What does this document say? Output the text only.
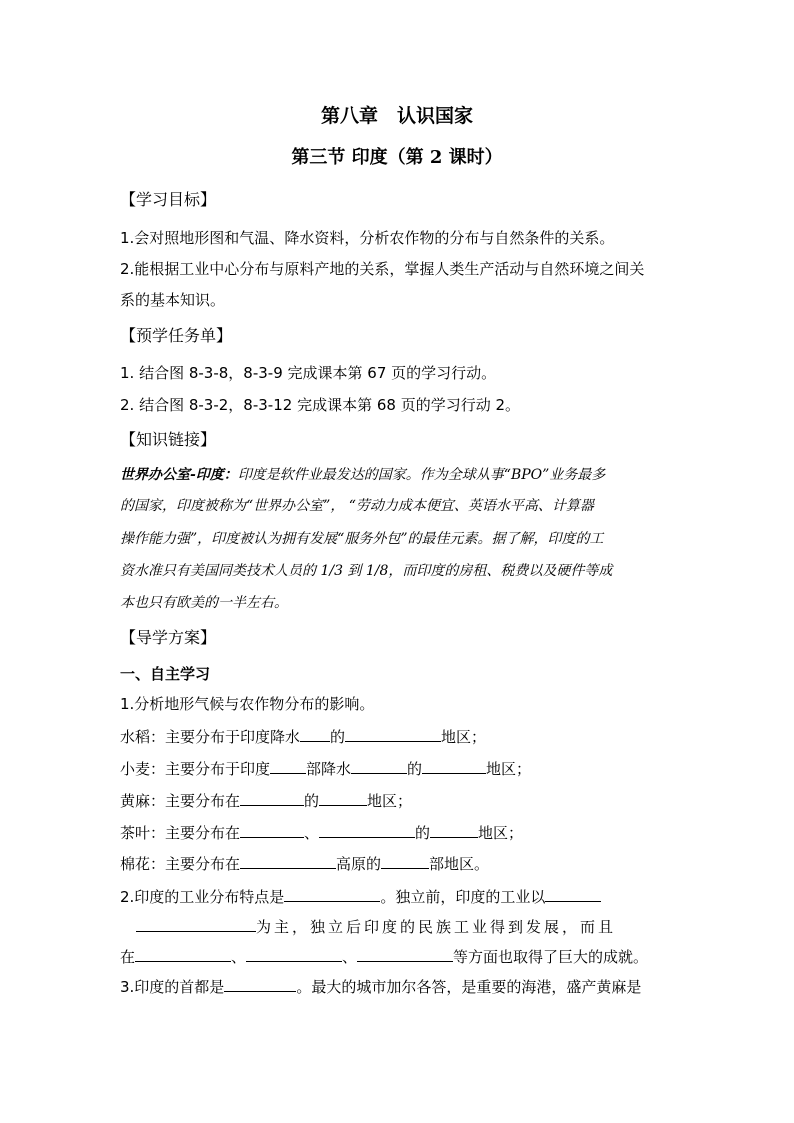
第八章　认识国家
第三节 印度（第 2 课时）
【学习目标】
1.会对照地形图和气温、降水资料，分析农作物的分布与自然条件的关系。
2.能根据工业中心分布与原料产地的关系，掌握人类生产活动与自然环境之间关
系的基本知识。
【预学任务单】
1. 结合图 8-3-8，8-3-9 完成课本第 67 页的学习行动。
2. 结合图 8-3-2，8-3-12 完成课本第 68 页的学习行动 2。
【知识链接】
世界办公室-印度：印度是软件业最发达的国家。作为全球从事“BPO”业务最多
的国家，印度被称为“世界办公室”， “劳动力成本便宜、英语水平高、计算器
操作能力强”，印度被认为拥有发展“服务外包”的最佳元素。据了解，印度的工
资水准只有美国同类技术人员的 1/3 到 1/8，而印度的房租、税费以及硬件等成
本也只有欧美的一半左右。
【导学方案】
一、自主学习
1.分析地形气候与农作物分布的影响。
水稻：主要分布于印度降水 的	地区；
小麦：主要分布于印度 部降水	的	地区；
黄麻：主要分布在	的	地区；
茶叶：主要分布在	、	的	地区；
棉花：主要分布在	高原的	部地区。
2.印度的工业分布特点是	。独立前，印度的工业以
为主，独立后印度的民族工业得到发展，而且
在	、	、	等方面也取得了巨大的成就。
3.印度的首都是	。最大的城市加尔各答，是重要的海港，盛产黄麻是
